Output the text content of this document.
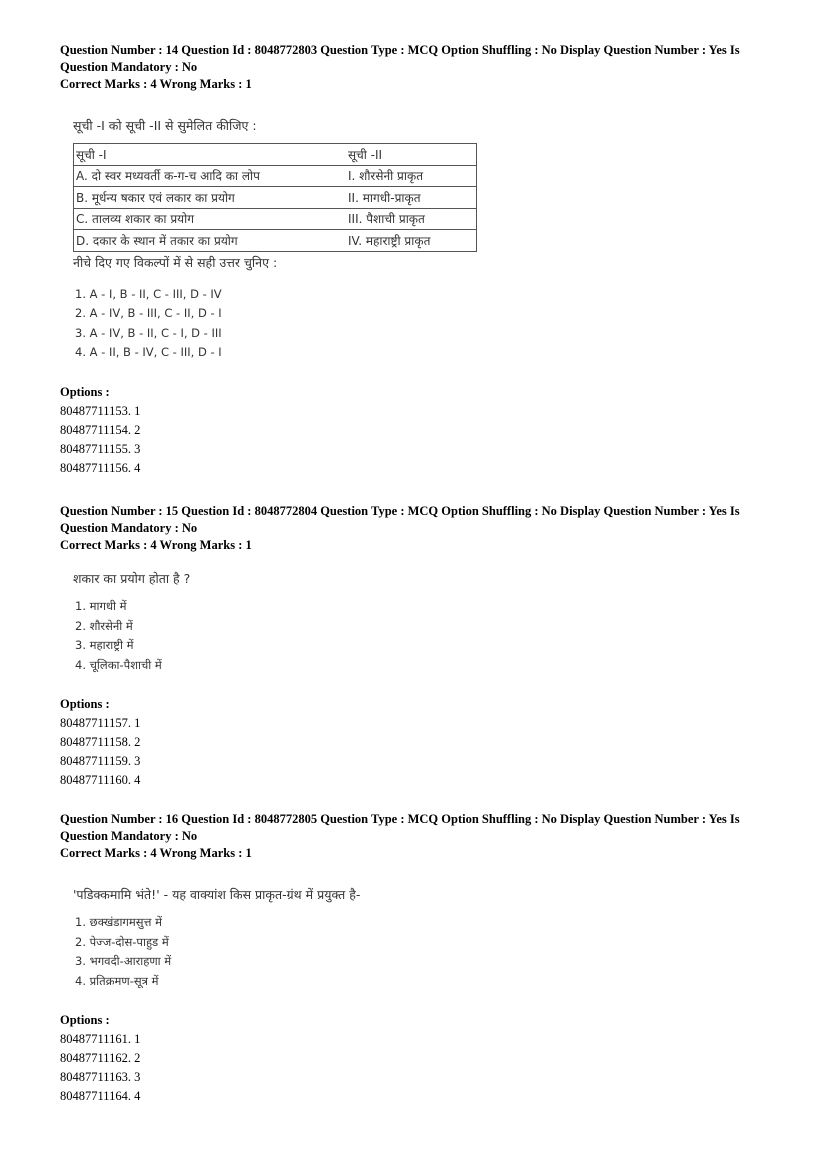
Question Number : 14 Question Id : 8048772803 Question Type : MCQ Option Shuffling : No Display Question Number : Yes Is
Question Mandatory : No
Correct Marks : 4 Wrong Marks : 1
सूची -I को सूची -II से सुमेलित कीजिए :
सूची -I	सूची -II
A. दो स्वर मध्यवर्ती क-ग-च आदि का लोप	I. शौरसेनी प्राकृत
B. मूर्धन्य षकार एवं लकार का प्रयोग	II. मागधी-प्राकृत
C. तालव्य शकार का प्रयोग	III. पैशाची प्राकृत
D. दकार के स्थान में तकार का प्रयोग	IV. महाराष्ट्री प्राकृत
नीचे दिए गए विकल्पों में से सही उत्तर चुनिए :
1. A - I, B - II, C - III, D - IV
2. A - IV, B - III, C - II, D - I
3. A - IV, B - II, C - I, D - III
4. A - II, B - IV, C - III, D - I
Options :
80487711153. 1
80487711154. 2
80487711155. 3
80487711156. 4
Question Number : 15 Question Id : 8048772804 Question Type : MCQ Option Shuffling : No Display Question Number : Yes Is
Question Mandatory : No
Correct Marks : 4 Wrong Marks : 1
शकार का प्रयोग होता है ?
1. मागधी में
2. शौरसेनी में
3. महाराष्ट्री में
4. चूलिका-पैशाची में
Options :
80487711157. 1
80487711158. 2
80487711159. 3
80487711160. 4
Question Number : 16 Question Id : 8048772805 Question Type : MCQ Option Shuffling : No Display Question Number : Yes Is
Question Mandatory : No
Correct Marks : 4 Wrong Marks : 1
'पडिक्कमामि भंते!' - यह वाक्यांश किस प्राकृत-ग्रंथ में प्रयुक्त है-
1. छक्खंडागमसुत्त में
2. पेज्ज-दोस-पाहुड में
3. भगवदी-आराहणा में
4. प्रतिक्रमण-सूत्र में
Options :
80487711161. 1
80487711162. 2
80487711163. 3
80487711164. 4
